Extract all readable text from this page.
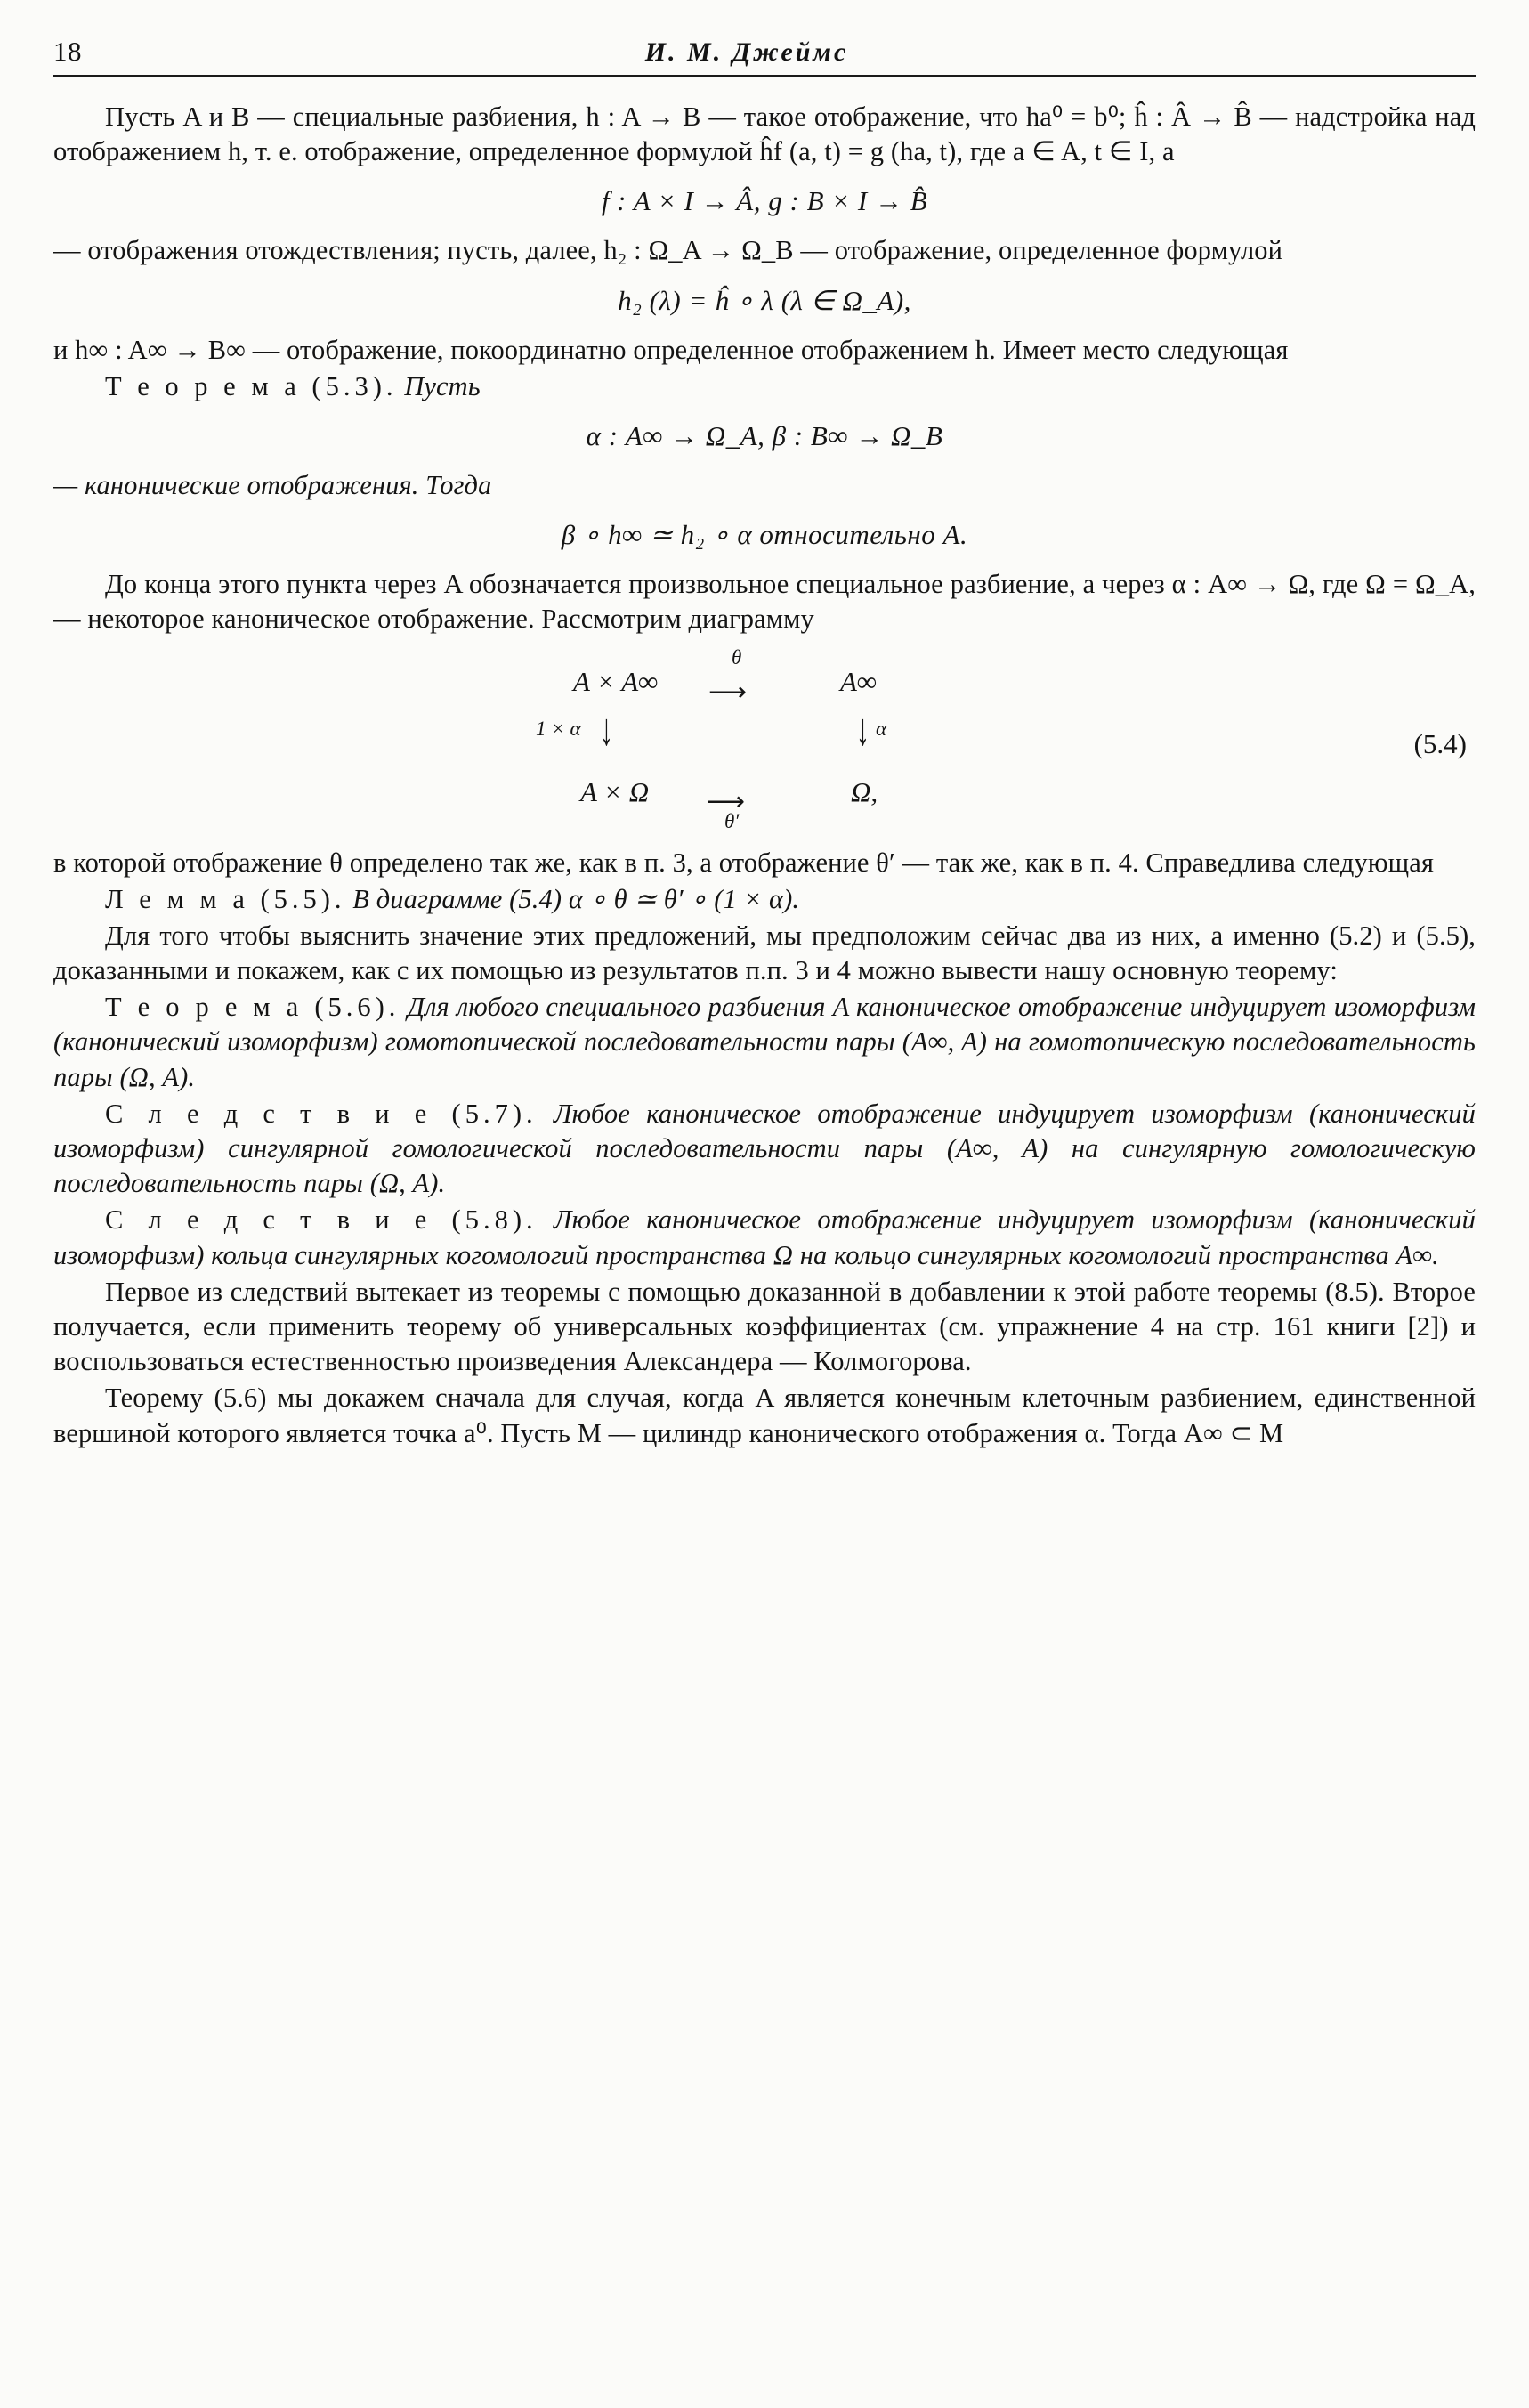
18	И. М. Джеймс

Пусть A и B — специальные разбиения, h : A → B — такое отображение, что ha⁰ = b⁰; ĥ : Â → B̂ — надстройка над отображением h, т. е. отображение, определенное формулой ĥf (a, t) = g (ha, t), где a ∈ A, t ∈ I, а

f : A × I → Â, g : B × I → B̂

— отображения отождествления; пусть, далее, h₂ : Ω_A → Ω_B — отображение, определенное формулой

h₂ (λ) = ĥ ∘ λ (λ ∈ Ω_A),

и h∞ : A∞ → B∞ — отображение, покоординатно определенное отображением h. Имеет место следующая

Т е о р е м а (5.3). Пусть

α : A∞ → Ω_A, β : B∞ → Ω_B

— канонические отображения. Тогда

β ∘ h∞ ≃ h₂ ∘ α относительно A.

До конца этого пункта через A обозначается произвольное специальное разбиение, а через α : A∞ → Ω, где Ω = Ω_A, — некоторое каноническое отображение. Рассмотрим диаграмму

A × A∞
θ
⟶	A∞
1 × α ↓	↓ α
A × Ω ⟶
θ′
Ω,
(5.4)

в которой отображение θ определено так же, как в п. 3, а отображение θ′ — так же, как в п. 4. Справедлива следующая

Л е м м а (5.5). В диаграмме (5.4) α ∘ θ ≃ θ′ ∘ (1 × α).

Для того чтобы выяснить значение этих предложений, мы предположим сейчас два из них, а именно (5.2) и (5.5), доказанными и покажем, как с их помощью из результатов п.п. 3 и 4 можно вывести нашу основную теорему:

Т е о р е м а (5.6). Для любого специального разбиения A каноническое отображение индуцирует изоморфизм (канонический изоморфизм) гомотопической последовательности пары (A∞, A) на гомотопическую последовательность пары (Ω, A).

С л е д с т в и е (5.7). Любое каноническое отображение индуцирует изоморфизм (канонический изоморфизм) сингулярной гомологической последовательности пары (A∞, A) на сингулярную гомологическую последовательность пары (Ω, A).

С л е д с т в и е (5.8). Любое каноническое отображение индуцирует изоморфизм (канонический изоморфизм) кольца сингулярных когомологий пространства Ω на кольцо сингулярных когомологий пространства A∞.

Первое из следствий вытекает из теоремы с помощью доказанной в добавлении к этой работе теоремы (8.5). Второе получается, если применить теорему об универсальных коэффициентах (см. упражнение 4 на стр. 161 книги [2]) и воспользоваться естественностью произведения Александера — Колмогорова.

Теорему (5.6) мы докажем сначала для случая, когда A является конечным клеточным разбиением, единственной вершиной которого является точка a⁰. Пусть M — цилиндр канонического отображения α. Тогда A∞ ⊂ M
